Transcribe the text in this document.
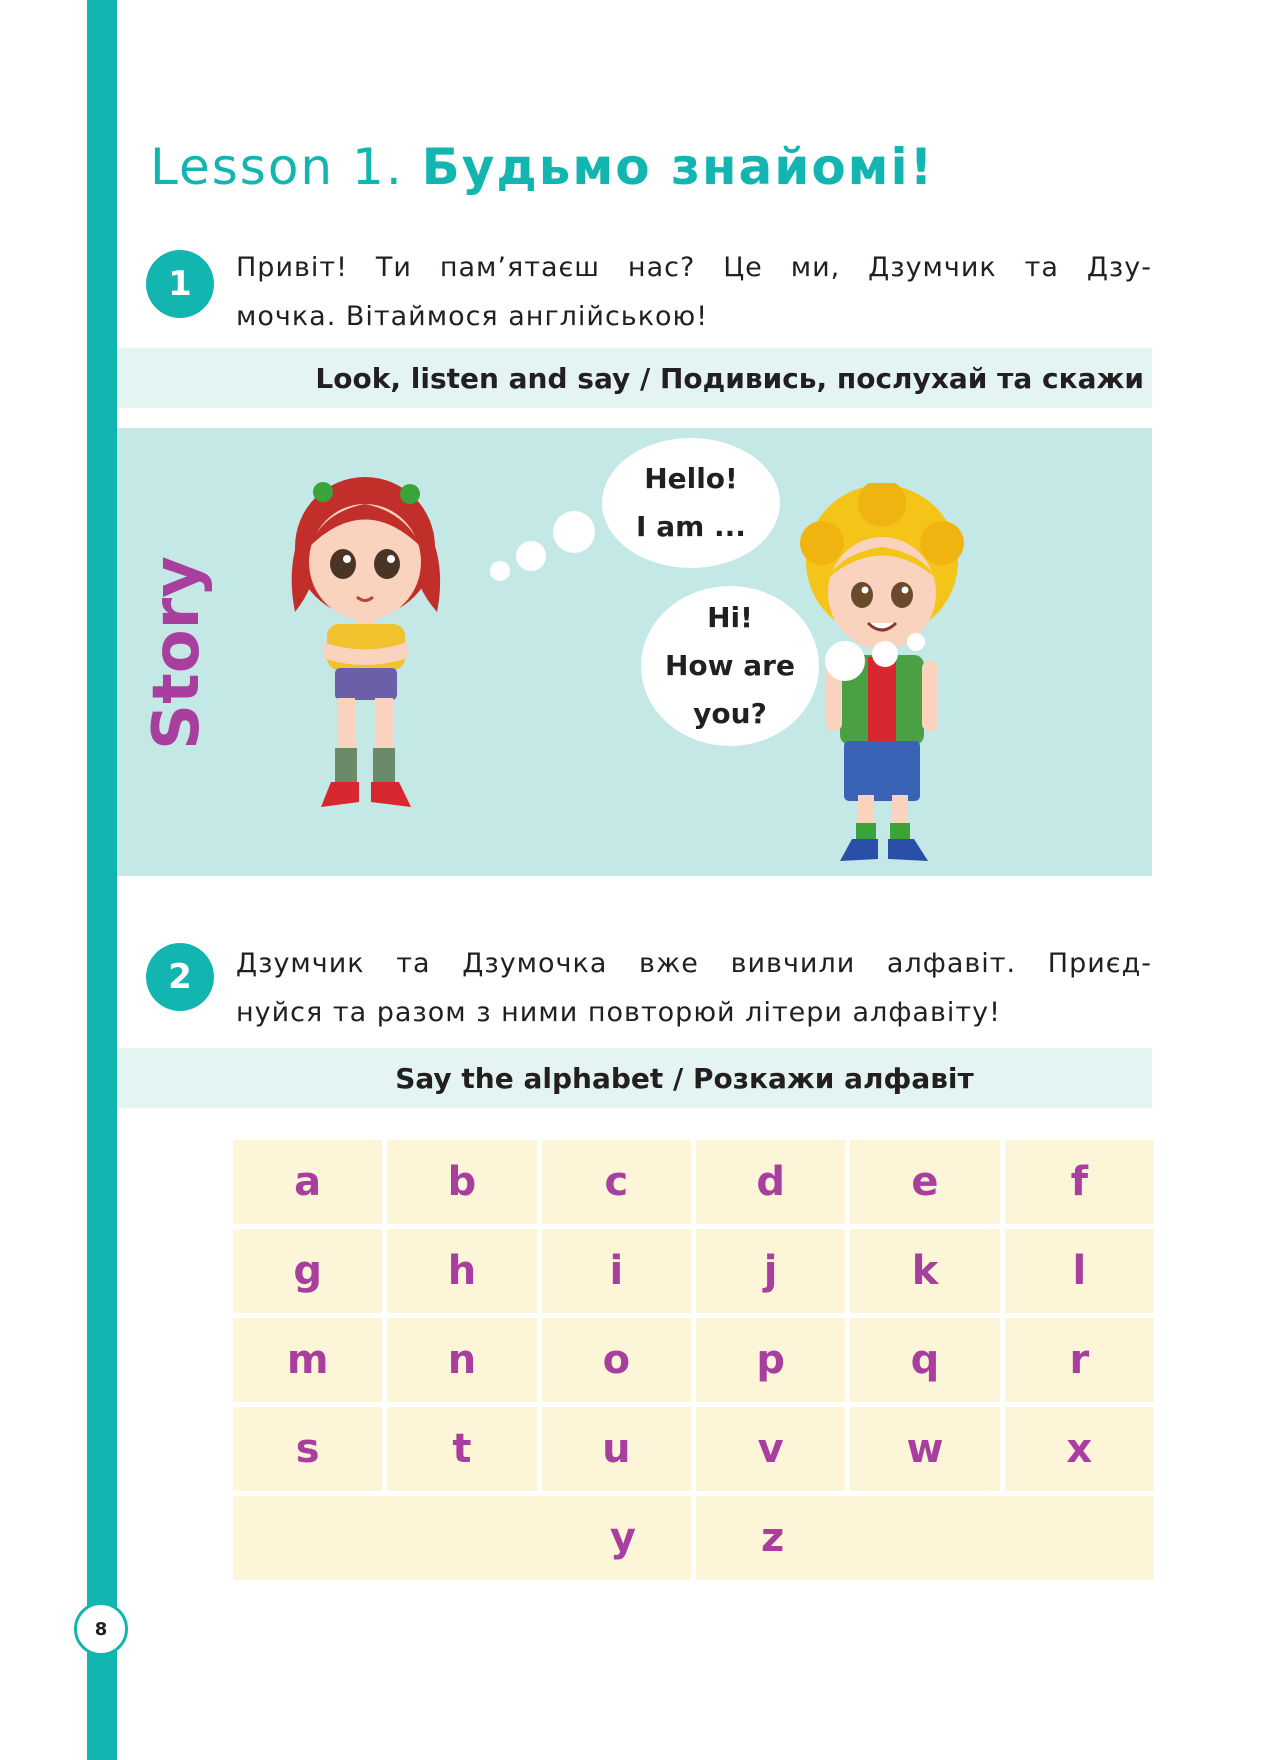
8
Lesson 1. Будьмо знайомі!
1	Привіт! Ти пам’ятаєш нас? Це ми, Дзумчик та Дзу-
мочка. Вітаймося англійською!
Look, listen and say / Подивись, послухай та скажи
Story
Hello!
I am ...
Hi!
How are
you?
2	Дзумчик та Дзумочка вже вивчили алфавіт. Приєд-
нуйся та разом з ними повторюй літери алфавіту!
Say the alphabet / Розкажи алфавіт
a	b	c	d	e	f
g	h	i	j	k	l
m	n	o	p	q	r
s	t	u	v	w	x
y	z
